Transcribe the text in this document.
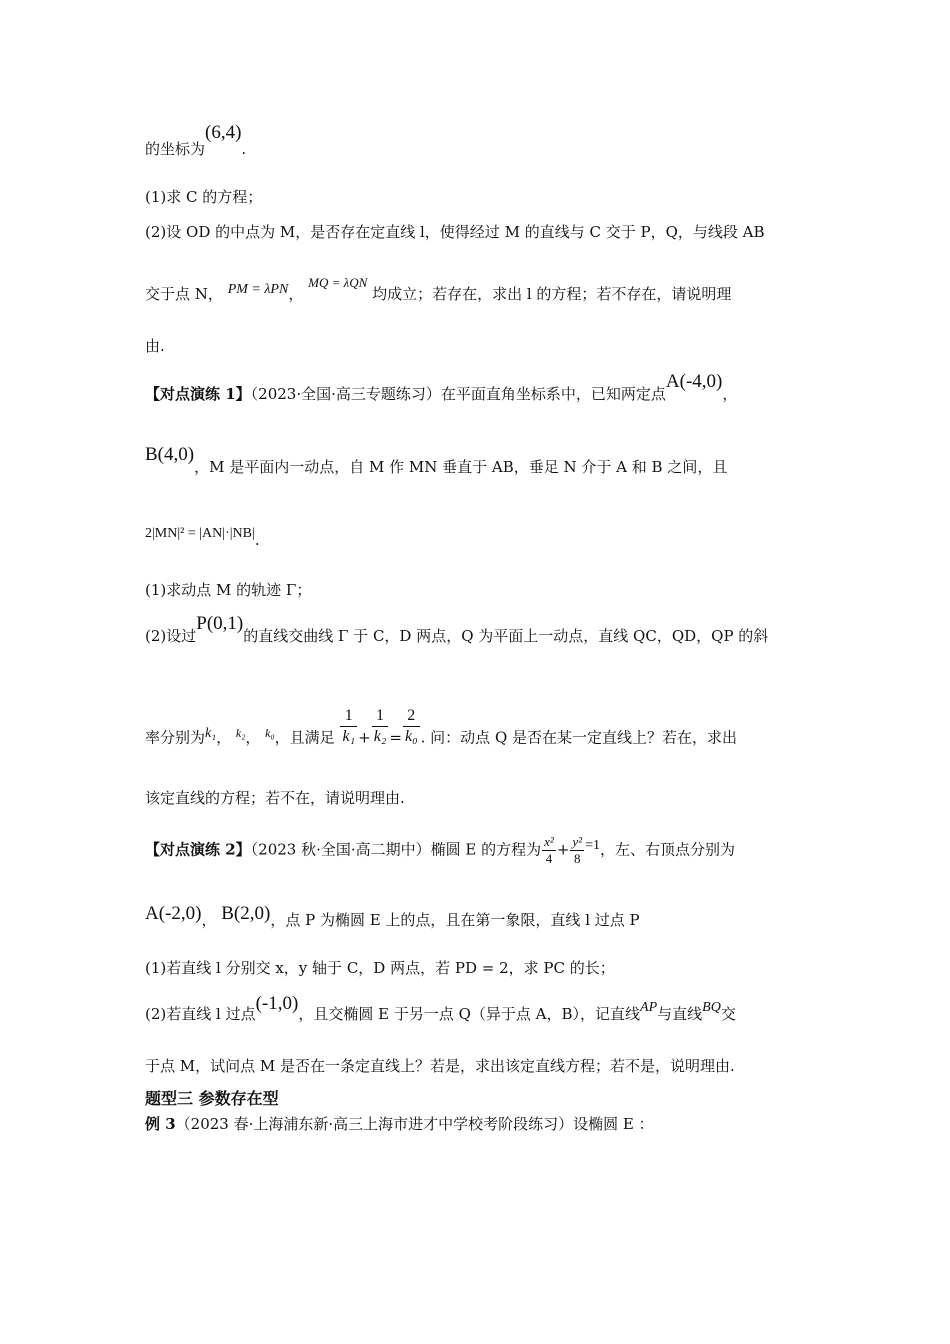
的坐标为(6,4).
(1)求 C 的方程；
(2)设 OD 的中点为 M，是否存在定直线 l，使得经过 M 的直线与 C 交于 P，Q，与线段 AB
交于点 N， PM = λPN， MQ = λQN 均成立；若存在，求出 l 的方程；若不存在，请说明理
由.
【对点演练 1】（2023·全国·高三专题练习）在平面直角坐标系中，已知两定点A(-4,0)，
B(4,0)，M 是平面内一动点，自 M 作 MN 垂直于 AB，垂足 N 介于 A 和 B 之间，且
2|MN|² = |AN|·|NB|.
(1)求动点 M 的轨迹 Γ；
(2)设过P(0,1)的直线交曲线 Γ 于 C，D 两点，Q 为平面上一动点，直线 QC，QD，QP 的斜
率分别为k₁， $^{k_2}$， $^{k_0}$，且满足 $\frac{1}{\text{k₁}} + \frac{1}{\text{k₂}} = \frac{2}{\text{k₀}}$ . 问：动点 Q 是否在某一定直线上？若在，求出
该定直线的方程；若不在，请说明理由.
【对点演练 2】（2023 秋·全国·高二期中）椭圆 E 的方程为 $\frac{\text{x²}}{4} + \frac{\text{y²}}{8} =1$，左、右顶点分别为
A(-2,0)， B(2,0)，点 P 为椭圆 E 上的点，且在第一象限，直线 l 过点 P
(1)若直线 l 分别交 x，y 轴于 C，D 两点，若 PD = 2，求 PC 的长；
(2)若直线 l 过点(-1,0)，且交椭圆 E 于另一点 Q（异于点 A，B），记直线AP与直线BQ交
于点 M，试问点 M 是否在一条定直线上？若是，求出该定直线方程；若不是，说明理由.
题型三 参数存在型
例 3（2023 春·上海浦东新·高三上海市进才中学校考阶段练习）设椭圆 E ：
